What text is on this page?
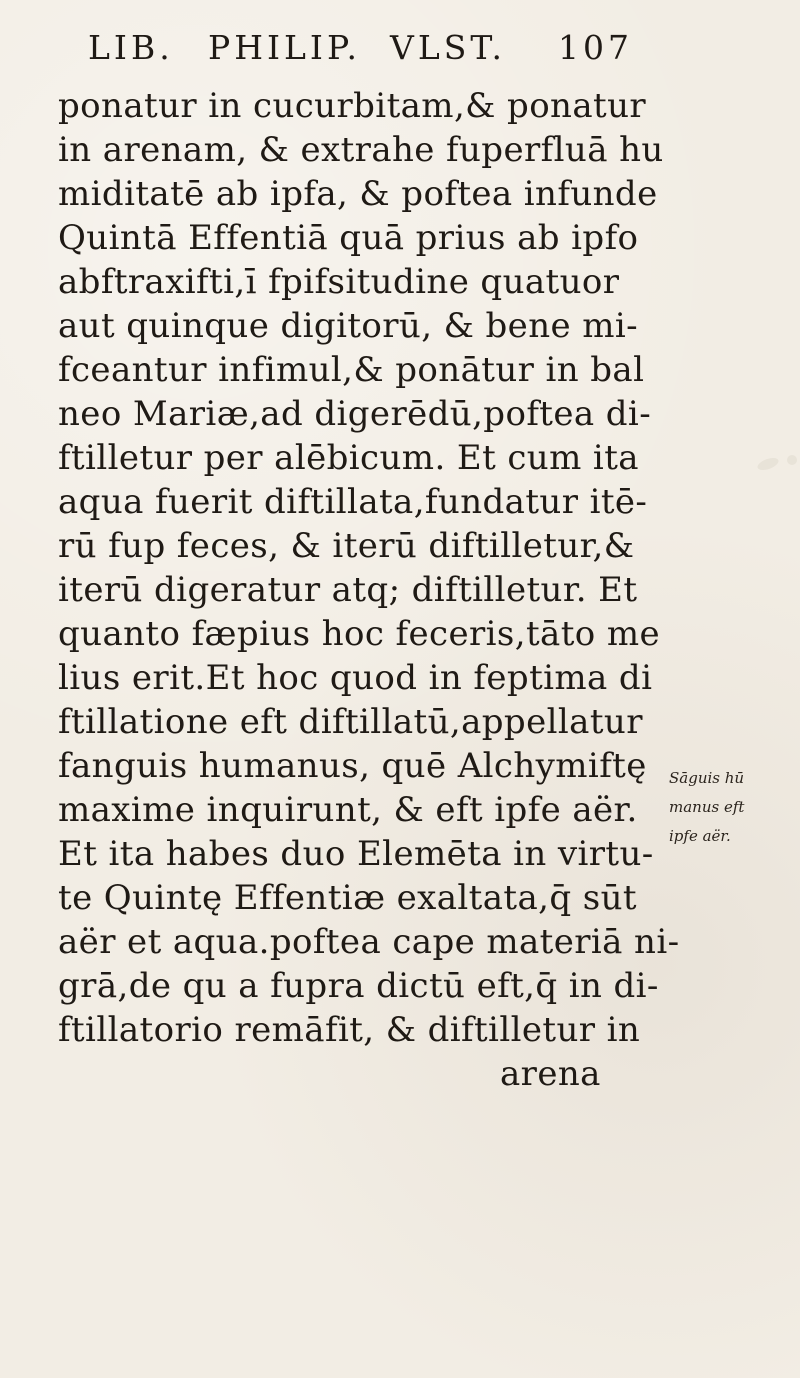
LIB. PHILIP. VLST. 107
ponatur in cucurbitam,& ponatur
in arenam, & extrahe fuperfluā hu
miditatē ab ipfa, & poftea infunde
Quintā Effentiā quā prius ab ipfo
abftraxifti,ī fpifsitudine quatuor
aut quinque digitorū, & bene mi-
fceantur infimul,& ponātur in bal
neo Mariæ,ad digerēdū,poftea di-
ftilletur per alēbicum. Et cum ita
aqua fuerit diftillata,fundatur itē-
rū fup feces, & iterū diftilletur,&
iterū digeratur atq; diftilletur. Et
quanto fæpius hoc feceris,tāto me
lius erit.Et hoc quod in feptima di
ftillatione eft diftillatū,appellatur
fanguis humanus, quē Alchymiftę
maxime inquirunt, & eft ipfe aër.
Et ita habes duo Elemēta in virtu-
te Quintę Effentiæ exaltata,q̄ sūt
aër et aqua.poftea cape materiā ni-
grā,de qu a fupra dictū eft,q̄ in di-
ftillatorio remāfit, & diftilletur in
arena
Sāguis hū
manus eft
ipfe aër.
